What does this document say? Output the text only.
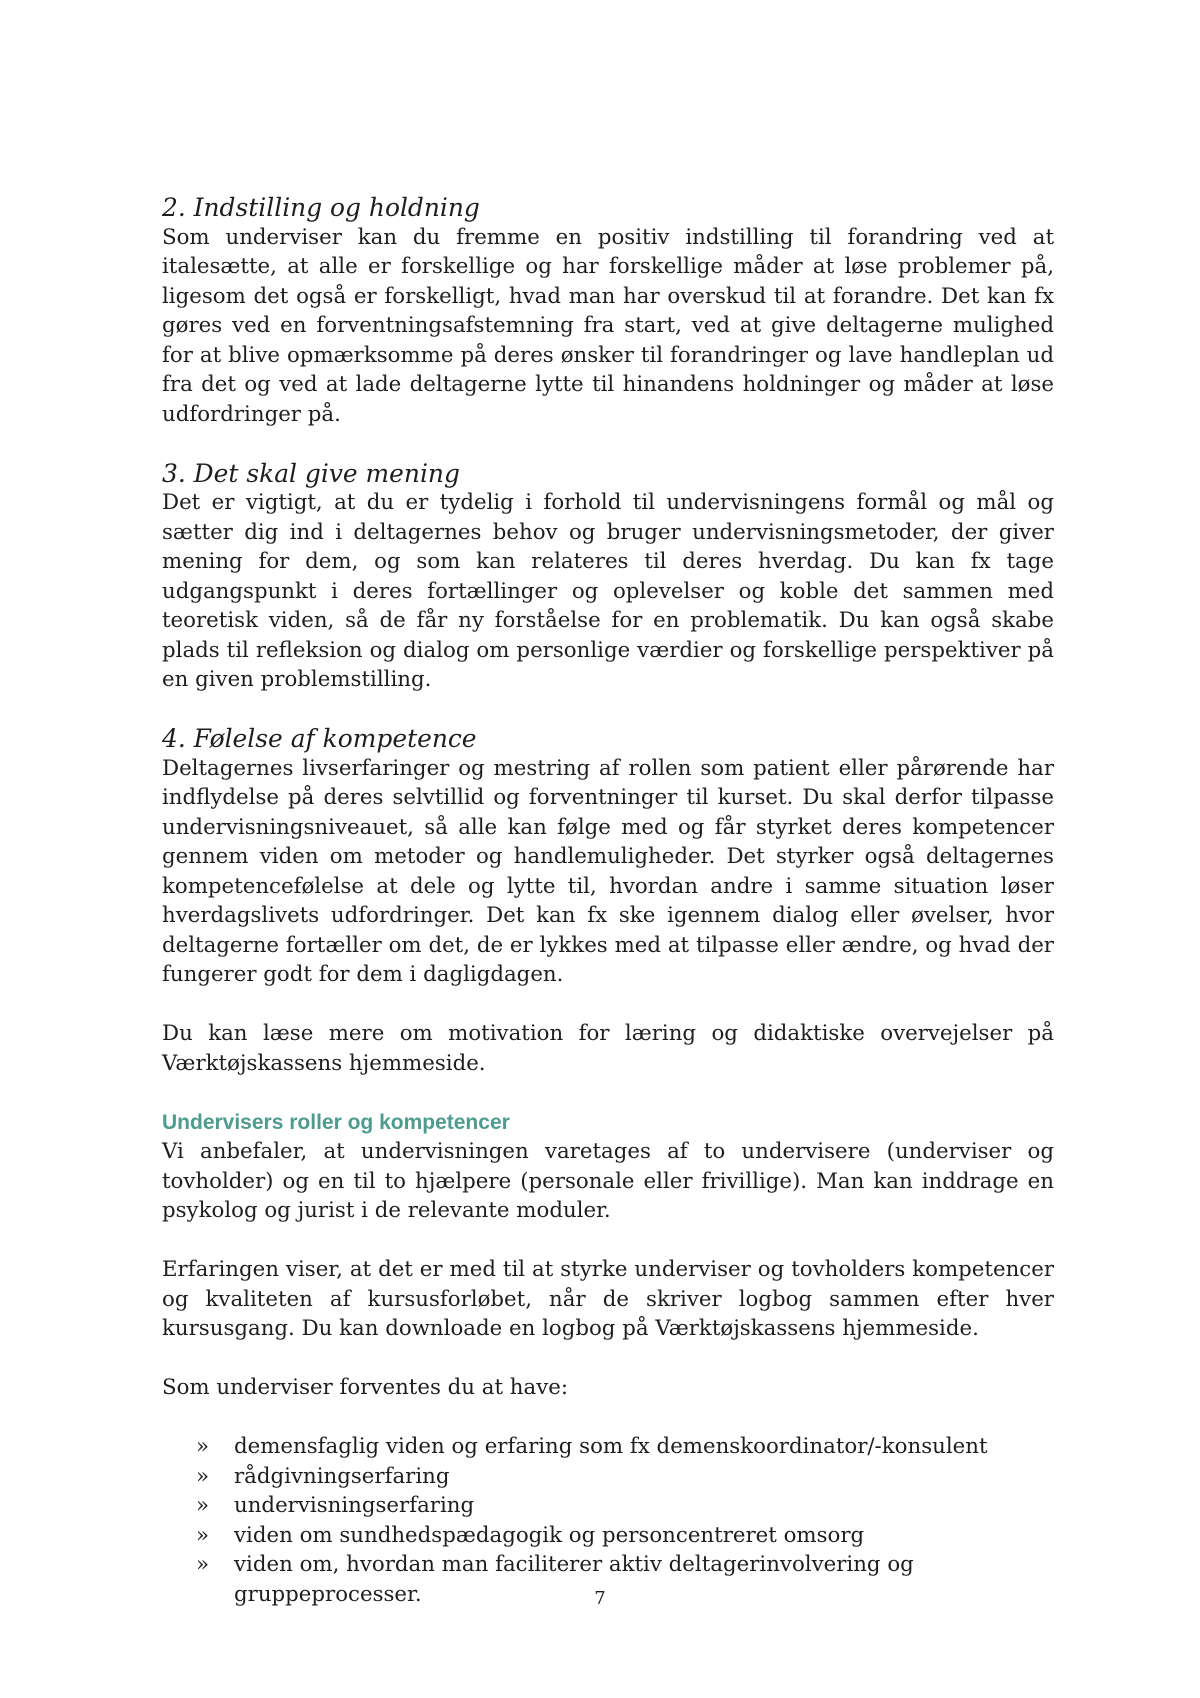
2. Indstilling og holdning

Som underviser kan du fremme en positiv indstilling til forandring ved at italesætte, at alle er forskellige og har forskellige måder at løse problemer på, ligesom det også er forskelligt, hvad man har overskud til at forandre. Det kan fx gøres ved en forventningsafstemning fra start, ved at give deltagerne mulighed for at blive opmærksomme på deres ønsker til forandringer og lave handleplan ud fra det og ved at lade deltagerne lytte til hinandens holdninger og måder at løse udfordringer på.

3. Det skal give mening

Det er vigtigt, at du er tydelig i forhold til undervisningens formål og mål og sætter dig ind i deltagernes behov og bruger undervisningsmetoder, der giver mening for dem, og som kan relateres til deres hverdag. Du kan fx tage udgangspunkt i deres fortællinger og oplevelser og koble det sammen med teoretisk viden, så de får ny forståelse for en problematik. Du kan også skabe plads til refleksion og dialog om personlige værdier og forskellige perspektiver på en given problemstilling.

4. Følelse af kompetence

Deltagernes livserfaringer og mestring af rollen som patient eller pårørende har indflydelse på deres selvtillid og forventninger til kurset. Du skal derfor tilpasse undervisningsniveauet, så alle kan følge med og får styrket deres kompetencer gennem viden om metoder og handlemuligheder. Det styrker også deltagernes kompetencefølelse at dele og lytte til, hvordan andre i samme situation løser hverdagslivets udfordringer. Det kan fx ske igennem dialog eller øvelser, hvor deltagerne fortæller om det, de er lykkes med at tilpasse eller ændre, og hvad der fungerer godt for dem i dagligdagen.

Du kan læse mere om motivation for læring og didaktiske overvejelser på Værktøjskassens hjemmeside.

Undervisers roller og kompetencer

Vi anbefaler, at undervisningen varetages af to undervisere (underviser og tovholder) og en til to hjælpere (personale eller frivillige). Man kan inddrage en psykolog og jurist i de relevante moduler.

Erfaringen viser, at det er med til at styrke underviser og tovholders kompetencer og kvaliteten af kursusforløbet, når de skriver logbog sammen efter hver kursusgang. Du kan downloade en logbog på Værktøjskassens hjemmeside.

Som underviser forventes du at have:

»	demensfaglig viden og erfaring som fx demenskoordinator/-konsulent
»	rådgivningserfaring
»	undervisningserfaring
»	viden om sundhedspædagogik og personcentreret omsorg
»	viden om, hvordan man faciliterer aktiv deltagerinvolvering og gruppeprocesser.	7
